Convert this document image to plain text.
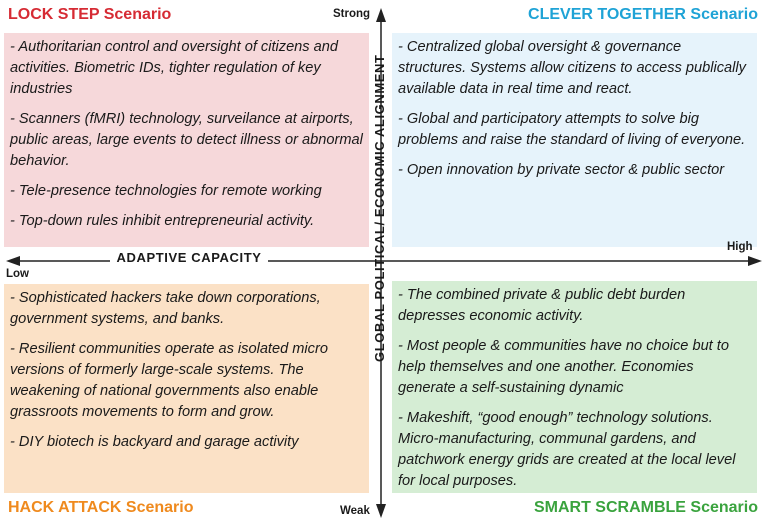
- Authoritarian control and oversight of citizens and activities. Biometric IDs, tighter regulation of key industries

- Scanners (fMRI) technology, surveilance at airports, public areas, large events to detect illness or abnormal behavior.

- Tele-presence technologies for remote working

- Top-down rules inhibit entrepreneurial activity.

- Centralized global oversight & governance structures. Systems allow citizens to access publically available data in real time and react.

- Global and participatory attempts to solve big problems and raise the standard of living of everyone.

- Open innovation by private sector & public sector

- Sophisticated hackers take down corporations, government systems, and banks.

- Resilient communities operate as isolated micro versions of formerly large-scale systems. The weakening of national governments also enable grassroots movements to form and grow.

- DIY biotech is backyard and garage activity

- The combined private & public debt burden depresses economic activity.

- Most people & communities have no choice but to help themselves and one another. Economies generate a self-sustaining dynamic

- Makeshift, “good enough” technology solutions. Micro-manufacturing, communal gardens, and patchwork energy grids are created at the local level for local purposes.

Strong
Weak
Low
High
ADAPTIVE CAPACITY	GLOBAL POLITICAL/ ECONOMIC ALIGNMENT
LOCK STEP Scenario	CLEVER TOGETHER Scenario
HACK ATTACK Scenario	SMART SCRAMBLE Scenario
